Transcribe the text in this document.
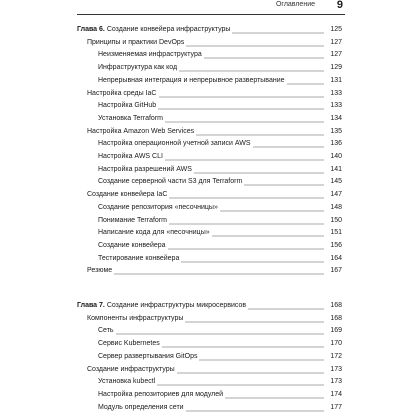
Оглавление 9
Глава 6. Создание конвейера инфраструктуры	125
Принципы и практики DevOps	127
Неизменяемая инфраструктура	127
Инфраструктура как код	129
Непрерывная интеграция и непрерывное развертывание	131
Настройка среды IaC	133
Настройка GitHub	133
Установка Terraform	134
Настройка Amazon Web Services	135
Настройка операционной учетной записи AWS	136
Настройка AWS CLI	140
Настройка разрешений AWS	141
Создание серверной части S3 для Terraform	145
Создание конвейера IaC	147
Создание репозитория «песочницы»	148
Понимание Terraform	150
Написание кода для «песочницы»	151
Создание конвейера	156
Тестирование конвейера	164
Резюме	167
Глава 7. Создание инфраструктуры микросервисов	168
Компоненты инфраструктуры	168
Сеть	169
Сервис Kubernetes	170
Сервер развертывания GitOps	172
Создание инфраструктуры	173
Установка kubectl	173
Настройка репозиториев для модулей	174
Модуль определения сети	177
